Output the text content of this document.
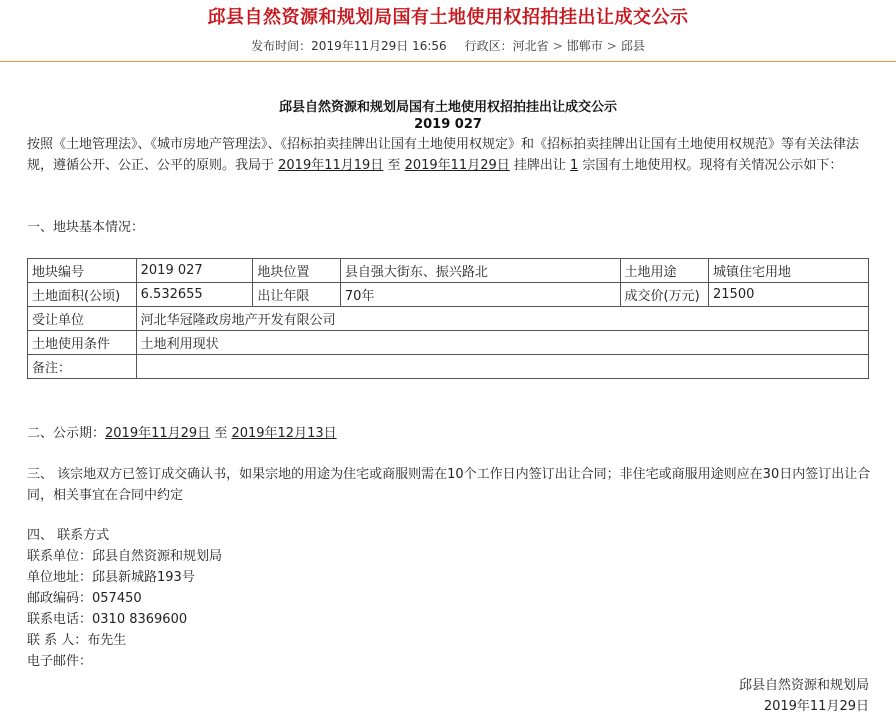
邱县自然资源和规划局国有土地使用权招拍挂出让成交公示
发布时间：2019年11月29日 16:56 行政区：河北省 > 邯郸市 > 邱县
邱县自然资源和规划局国有土地使用权招拍挂出让成交公示
2019 027
按照《土地管理法》、《城市房地产管理法》、《招标拍卖挂牌出让国有土地使用权规定》和《招标拍卖挂牌出让国有土地使用权规范》等有关法律法规，遵循公开、公正、公平的原则。我局于 2019年11月19日 至 2019年11月29日 挂牌出让 1 宗国有土地使用权。现将有关情况公示如下：
一、地块基本情况：
地块编号	2019 027	地块位置	县自强大街东、振兴路北	土地用途	城镇住宅用地
土地面积(公顷)	6.532655	出让年限	70年	成交价(万元)	21500
受让单位	河北华冠隆政房地产开发有限公司				
土地使用条件	土地利用现状				
备注：					
二、公示期：2019年11月29日 至 2019年12月13日
三、 该宗地双方已签订成交确认书，如果宗地的用途为住宅或商服则需在10个工作日内签订出让合同；非住宅或商服用途则应在30日内签订出让合同，相关事宜在合同中约定
四、 联系方式
联系单位：邱县自然资源和规划局
单位地址：邱县新城路193号
邮政编码：057450
联系电话：0310 8369600
联 系 人：布先生
电子邮件：
邱县自然资源和规划局
2019年11月29日
